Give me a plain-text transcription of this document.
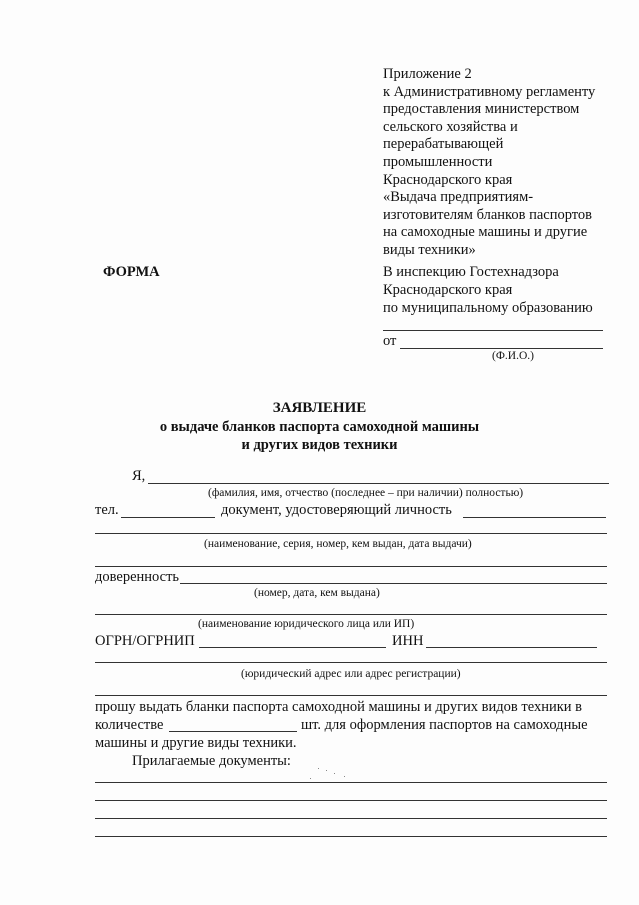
Приложение 2
к Административному регламенту
предоставления министерством
сельского хозяйства и
перерабатывающей
промышленности
Краснодарского края
«Выдача предприятиям-
изготовителям бланков паспортов
на самоходные машины и другие
виды техники»
ФОРМА	В инспекцию Гостехнадзора
Краснодарского края
по муниципальному образованию
от
(Ф.И.О.)
ЗАЯВЛЕНИЕ
о выдаче бланков паспорта самоходной машины
и других видов техники
Я,
(фамилия, имя, отчество (последнее – при наличии) полностью)
тел.	документ, удостоверяющий личность
(наименование, серия, номер, кем выдан, дата выдачи)
доверенность
(номер, дата, кем выдана)
(наименование юридического лица или ИП)
ОГРН/ОГРНИП	ИНН
(юридический адрес или адрес регистрации)
прошу выдать бланки паспорта самоходной машины и других видов техники в
количестве	шт. для оформления паспортов на самоходные
машины и другие виды техники.
Прилагаемые документы:
